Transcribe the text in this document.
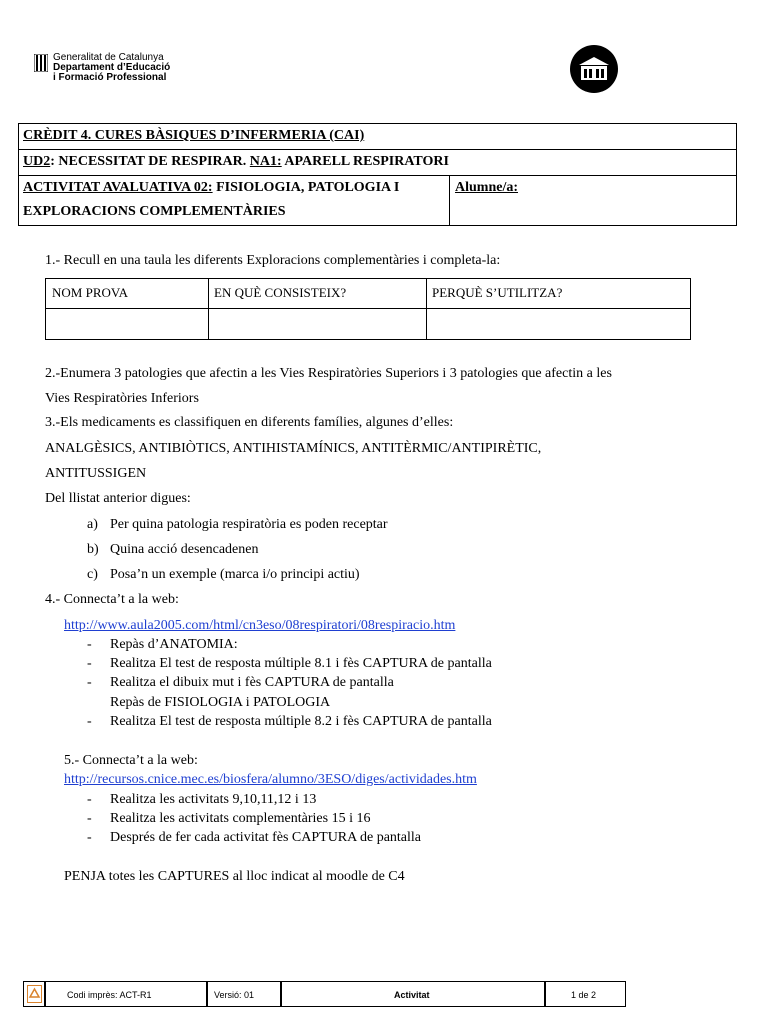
Generalitat de Catalunya
Departament d’Educació
i Formació Professional
CRÈDIT 4. CURES BÀSIQUES D’INFERMERIA (CAI)
UD2: NECESSITAT DE RESPIRAR. NA1: APARELL RESPIRATORI
ACTIVITAT AVALUATIVA 02: FISIOLOGIA, PATOLOGIA I
EXPLORACIONS COMPLEMENTÀRIES
Alumne/a:
1.- Recull en una taula les diferents Exploracions complementàries i completa-la:
NOM PROVA	EN QUÈ CONSISTEIX?	PERQUÈ S’UTILITZA?
2.-Enumera 3 patologies que afectin a les Vies Respiratòries Superiors i 3 patologies que afectin a les
Vies Respiratòries Inferiors
3.-Els medicaments es classifiquen en diferents famílies, algunes d’elles:
ANALGÈSICS, ANTIBIÒTICS, ANTIHISTAMÍNICS, ANTITÈRMIC/ANTIPIRÈTIC,
ANTITUSSIGEN
Del llistat anterior digues:
a) Per quina patologia respiratòria es poden receptar
b) Quina acció desencadenen
c) Posa’n un exemple (marca i/o principi actiu)
4.- Connecta’t a la web:
http://www.aula2005.com/html/cn3eso/08respiratori/08respiracio.htm
- Repàs d’ANATOMIA:
- Realitza El test de resposta múltiple 8.1 i fès CAPTURA de pantalla
- Realitza el dibuix mut i fès CAPTURA de pantalla
Repàs de FISIOLOGIA i PATOLOGIA
- Realitza El test de resposta múltiple 8.2 i fès CAPTURA de pantalla
5.- Connecta’t a la web:
http://recursos.cnice.mec.es/biosfera/alumno/3ESO/diges/actividades.htm
- Realitza les activitats 9,10,11,12 i 13
- Realitza les activitats complementàries 15 i 16
- Després de fer cada activitat fès CAPTURA de pantalla
PENJA totes les CAPTURES al lloc indicat al moodle de C4
Codi imprès: ACT-R1	Versió: 01	Activitat	1 de 2
